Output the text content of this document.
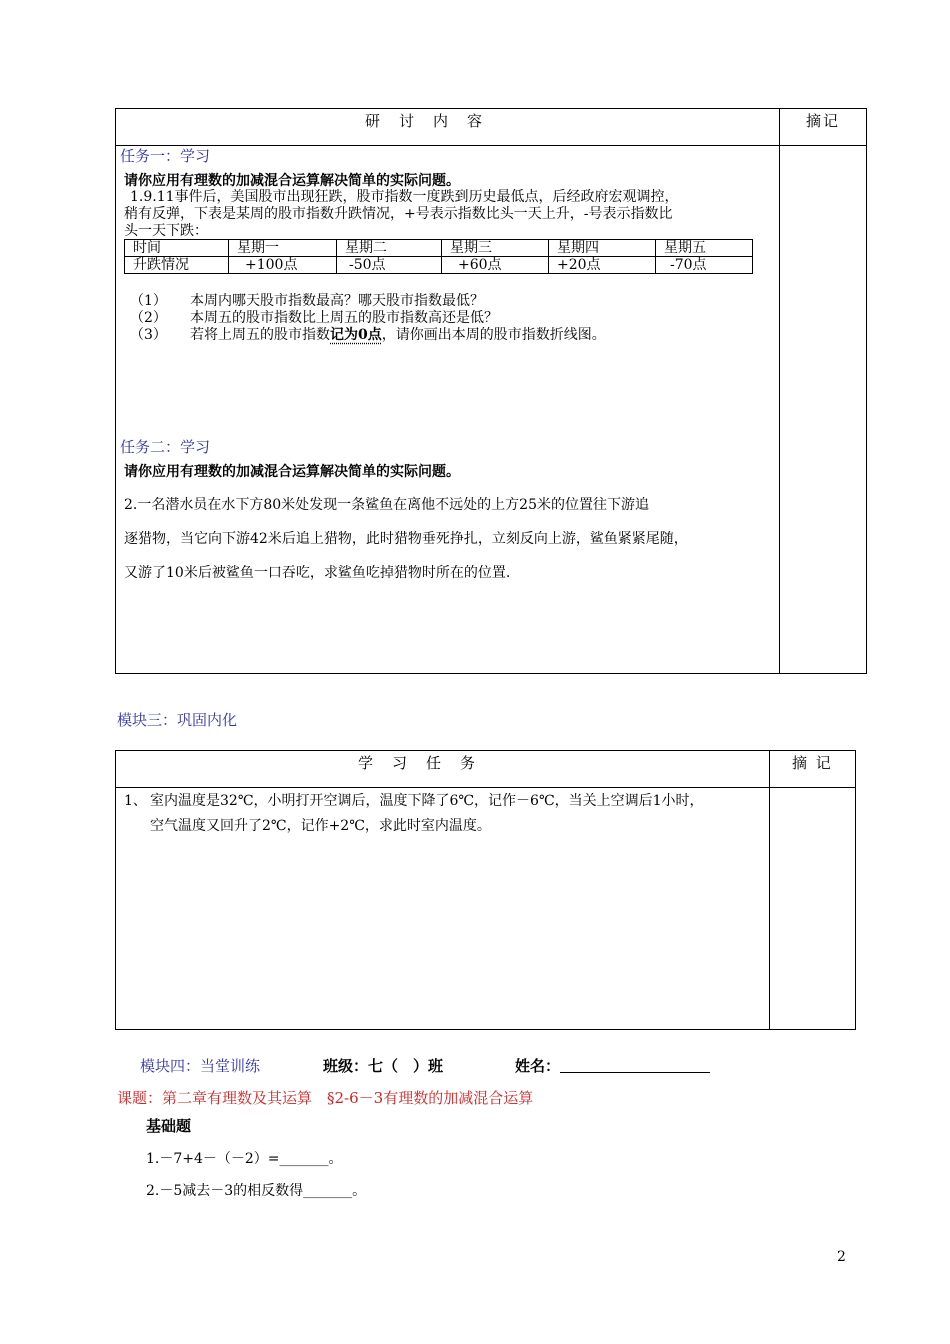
研　讨　内　容	摘记
任务一：学习
请你应用有理数的加减混合运算解决简单的实际问题。
1.9.11事件后，美国股市出现狂跌，股市指数一度跌到历史最低点，后经政府宏观调控，
稍有反弹，下表是某周的股市指数升跌情况，+号表示指数比头一天上升，-号表示指数比
头一天下跌：
时间	星期一	星期二	星期三	星期四	星期五
升跌情况	+100点	-50点	+60点	+20点	-70点
（1） 本周内哪天股市指数最高？哪天股市指数最低？
（2） 本周五的股市指数比上周五的股市指数高还是低？
（3） 若将上周五的股市指数记为0点，请你画出本周的股市指数折线图。
任务二：学习
请你应用有理数的加减混合运算解决简单的实际问题。
2.一名潜水员在水下方80米处发现一条鲨鱼在离他不远处的上方25米的位置往下游追
逐猎物，当它向下游42米后追上猎物，此时猎物垂死挣扎，立刻反向上游，鲨鱼紧紧尾随，
又游了10米后被鲨鱼一口吞吃，求鲨鱼吃掉猎物时所在的位置.
模块三：巩固内化
学　习　任　务	摘 记
1、 室内温度是32℃，小明打开空调后，温度下降了6℃，记作－6℃，当关上空调后1小时，
空气温度又回升了2℃，记作+2℃，求此时室内温度。
模块四：当堂训练	班级：七（　）班	姓名：
课题：第二章有理数及其运算　§2-6－3有理数的加减混合运算
基础题
1.－7+4－（－2）=_______。
2.－5减去－3的相反数得_______。
2
